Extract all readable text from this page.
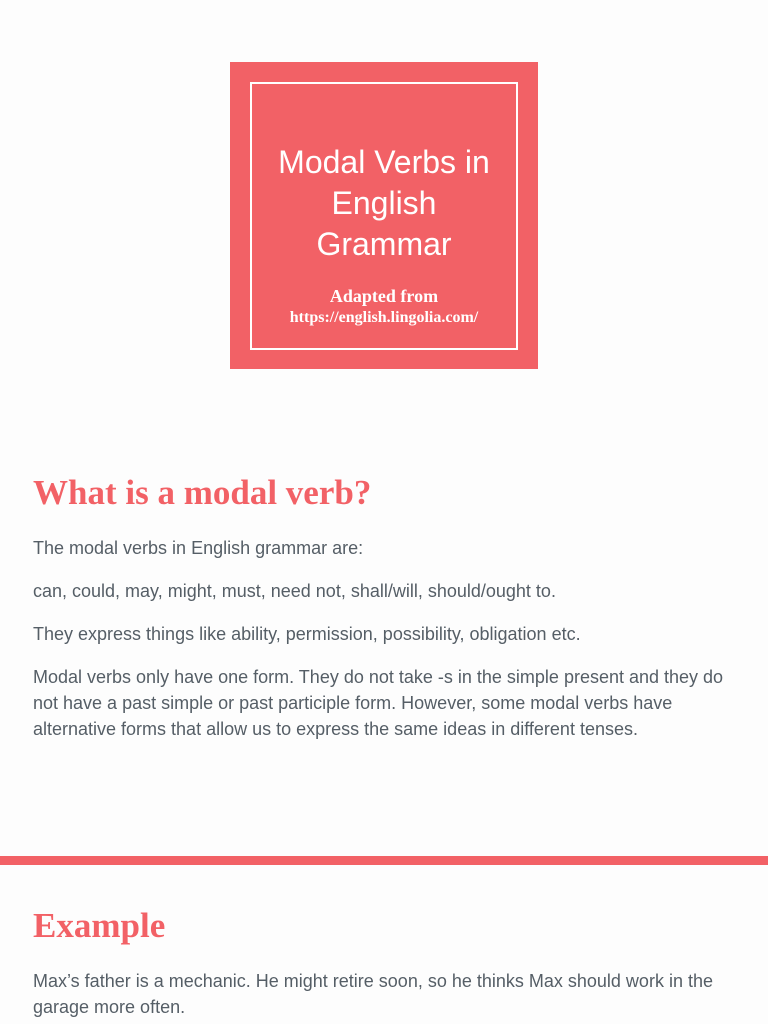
Modal Verbs in English Grammar
Adapted from
https://english.lingolia.com/
What is a modal verb?

The modal verbs in English grammar are:

can, could, may, might, must, need not, shall/will, should/ought to.

They express things like ability, permission, possibility, obligation etc.

Modal verbs only have one form. They do not take -s in the simple present and they do not have a past simple or past participle form. However, some modal verbs have alternative forms that allow us to express the same ideas in different tenses.

Example

Max’s father is a mechanic. He might retire soon, so he thinks Max should work in the garage more often.
